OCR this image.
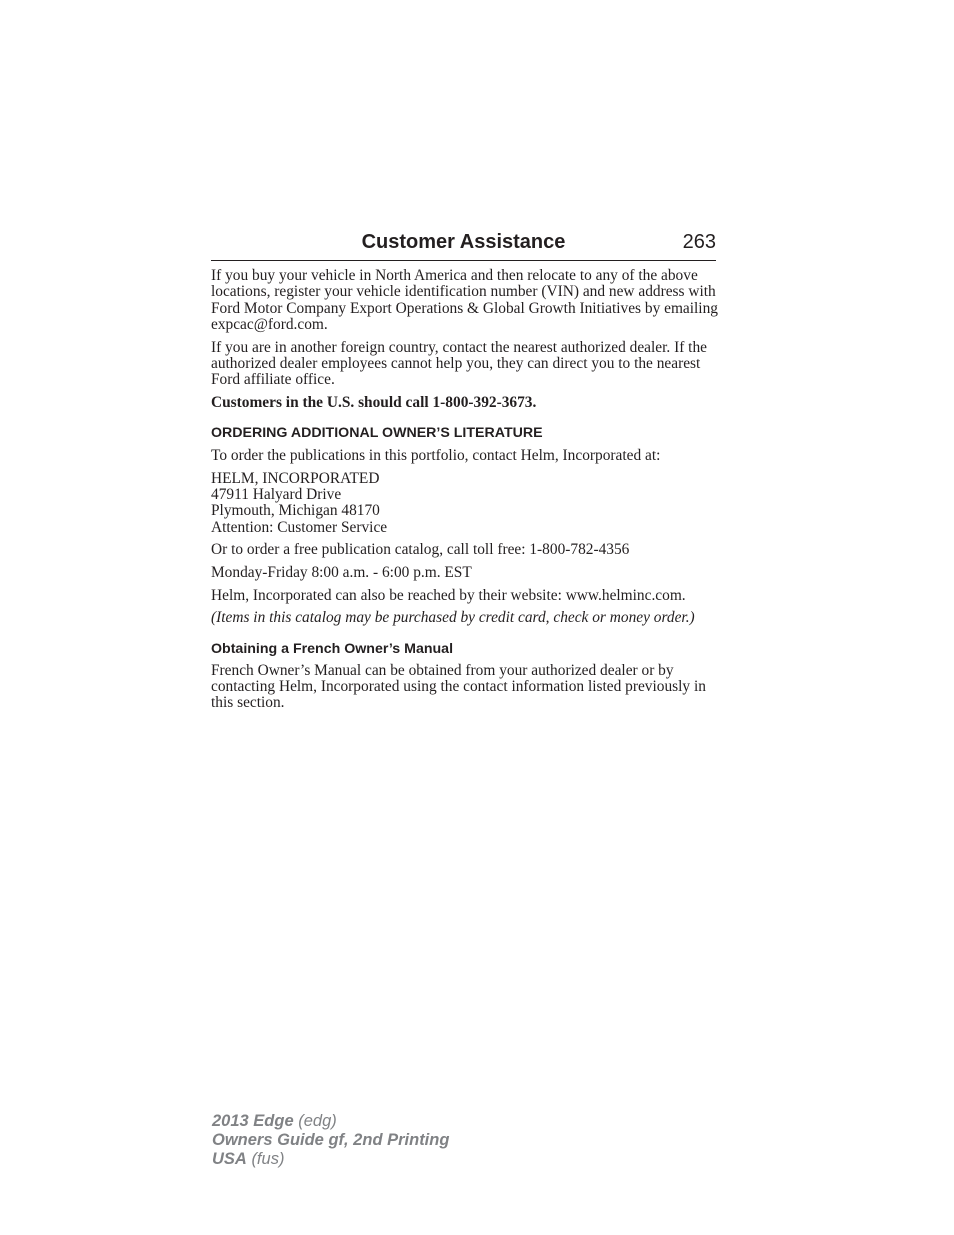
Customer Assistance	263

If you buy your vehicle in North America and then relocate to any of the above locations, register your vehicle identification number (VIN) and new address with Ford Motor Company Export Operations & Global Growth Initiatives by emailing expcac@ford.com.

If you are in another foreign country, contact the nearest authorized dealer. If the authorized dealer employees cannot help you, they can direct you to the nearest Ford affiliate office.

Customers in the U.S. should call 1-800-392-3673.

ORDERING ADDITIONAL OWNER’S LITERATURE

To order the publications in this portfolio, contact Helm, Incorporated at:

HELM, INCORPORATED
47911 Halyard Drive
Plymouth, Michigan 48170
Attention: Customer Service

Or to order a free publication catalog, call toll free: 1-800-782-4356

Monday-Friday 8:00 a.m. - 6:00 p.m. EST

Helm, Incorporated can also be reached by their website: www.helminc.com.

(Items in this catalog may be purchased by credit card, check or money order.)

Obtaining a French Owner’s Manual

French Owner’s Manual can be obtained from your authorized dealer or by contacting Helm, Incorporated using the contact information listed previously in this section.

2013 Edge (edg)
Owners Guide gf, 2nd Printing
USA (fus)
